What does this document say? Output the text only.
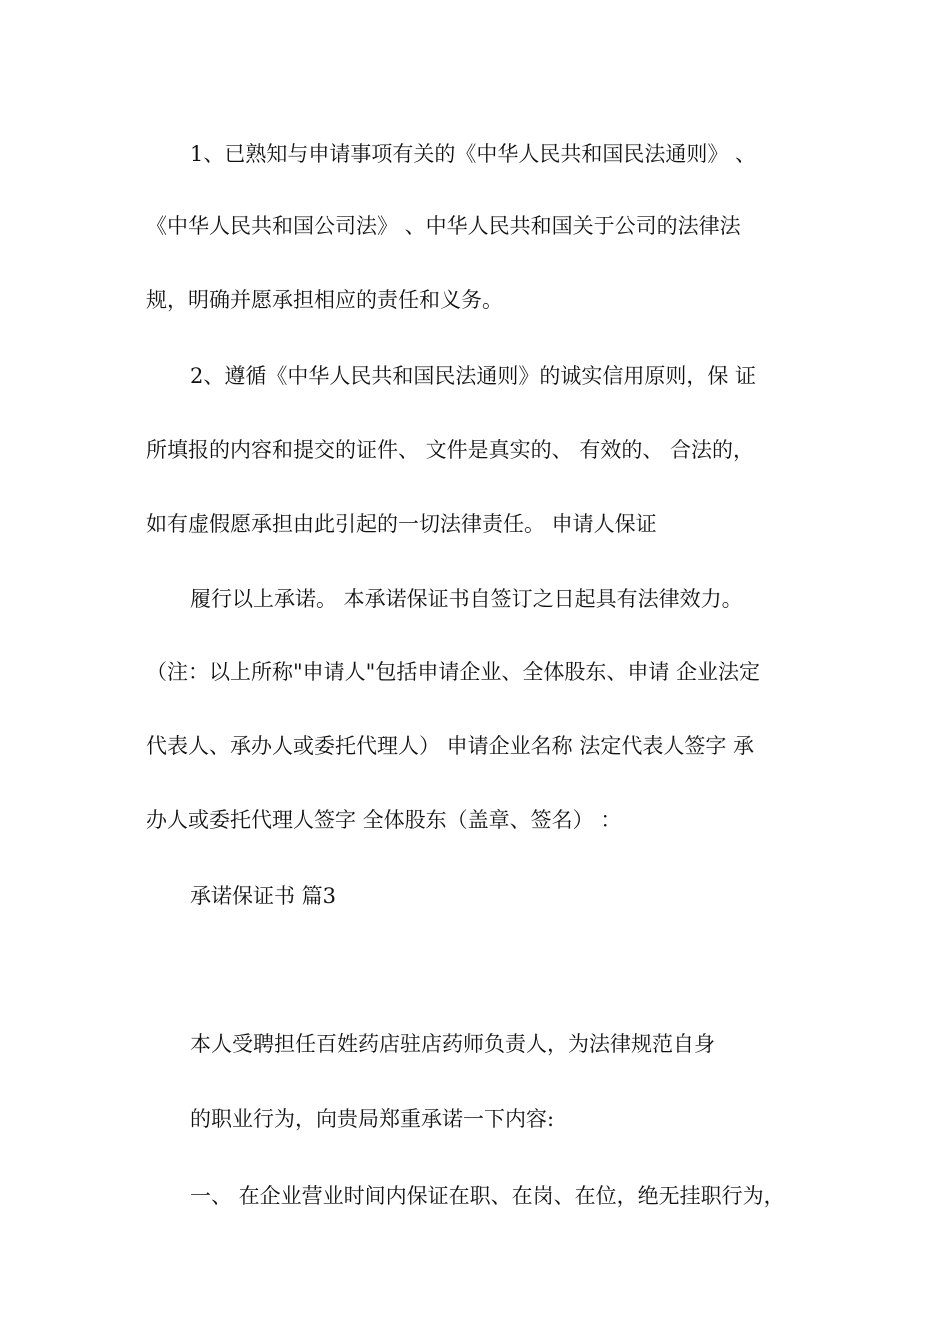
1、已熟知与申请事项有关的《中华人民共和国民法通则》 、
《中华人民共和国公司法》 、中华人民共和国关于公司的法律法
规，明确并愿承担相应的责任和义务。
2、遵循《中华人民共和国民法通则》的诚实信用原则，保 证
所填报的内容和提交的证件、 文件是真实的、 有效的、 合法的，
如有虚假愿承担由此引起的一切法律责任。 申请人保证
履行以上承诺。 本承诺保证书自签订之日起具有法律效力。
（注：以上所称"申请人"包括申请企业、全体股东、申请 企业法定
代表人、承办人或委托代理人） 申请企业名称 法定代表人签字 承
办人或委托代理人签字 全体股东（盖章、签名） ：
承诺保证书 篇3
本人受聘担任百姓药店驻店药师负责人，为法律规范自身
的职业行为，向贵局郑重承诺一下内容:
一、 在企业营业时间内保证在职、在岗、在位，绝无挂职行为，
